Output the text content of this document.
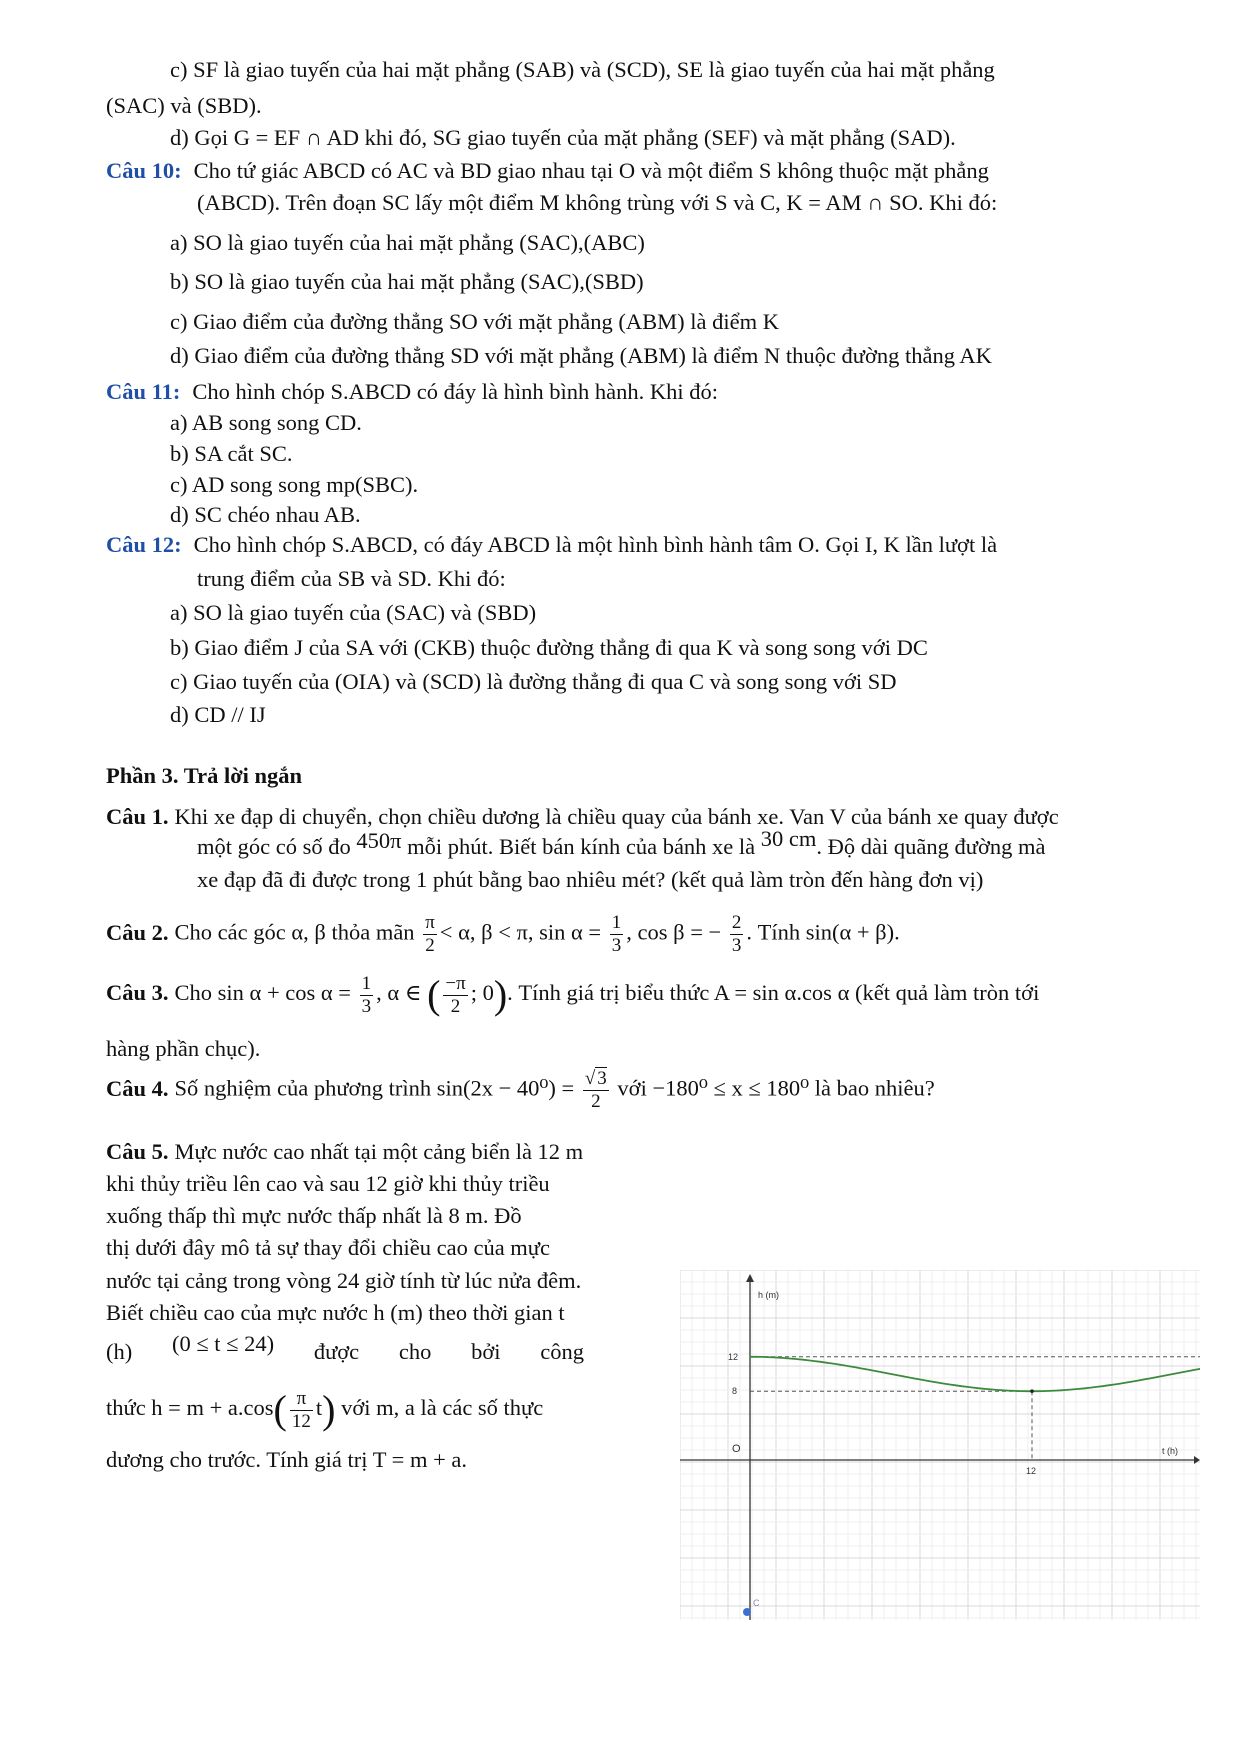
c) SF là giao tuyến của hai mặt phẳng (SAB) và (SCD), SE là giao tuyến của hai mặt phẳng
(SAC) và (SBD).
d) Gọi G = EF ∩ AD khi đó, SG giao tuyến của mặt phẳng (SEF) và mặt phẳng (SAD).
Câu 10: Cho tứ giác ABCD có AC và BD giao nhau tại O và một điểm S không thuộc mặt phẳng
(ABCD). Trên đoạn SC lấy một điểm M không trùng với S và C, K = AM ∩ SO. Khi đó:
a) SO là giao tuyến của hai mặt phẳng (SAC),(ABC)
b) SO là giao tuyến của hai mặt phẳng (SAC),(SBD)
c) Giao điểm của đường thẳng SO với mặt phẳng (ABM) là điểm K
d) Giao điểm của đường thẳng SD với mặt phẳng (ABM) là điểm N thuộc đường thẳng AK
Câu 11: Cho hình chóp S.ABCD có đáy là hình bình hành. Khi đó:
a) AB song song CD.
b) SA cắt SC.
c) AD song song mp(SBC).
d) SC chéo nhau AB.
Câu 12: Cho hình chóp S.ABCD, có đáy ABCD là một hình bình hành tâm O. Gọi I, K lần lượt là
trung điểm của SB và SD. Khi đó:
a) SO là giao tuyến của (SAC) và (SBD)
b) Giao điểm J của SA với (CKB) thuộc đường thẳng đi qua K và song song với DC
c) Giao tuyến của (OIA) và (SCD) là đường thẳng đi qua C và song song với SD
d) CD // IJ
Phần 3. Trả lời ngắn
Câu 1. Khi xe đạp di chuyển, chọn chiều dương là chiều quay của bánh xe. Van V của bánh xe quay được
một góc có số đo 450π mỗi phút. Biết bán kính của bánh xe là 30 cm. Độ dài quãng đường mà
xe đạp đã đi được trong 1 phút bằng bao nhiêu mét? (kết quả làm tròn đến hàng đơn vị)
Câu 2. Cho các góc α, β thỏa mãn $\frac{\pi}{2} < \alpha$, β < π, $\sin \alpha = \frac{1}{3}$ , cos β = − $\frac{2}{3}$ . Tính sin(α + β).
Câu 3. Cho $\sin \alpha + \cos \alpha = \frac{1}{3}$ , α ∈ ( $\frac{-\pi}{2}$ ; 0). Tính giá trị biểu thức A = sin α.cos α (kết quả làm tròn tới
hàng phần chục).
Câu 4. Số nghiệm của phương trình $\sin(2x - 40^0) = \frac{√ 3}{2}$ với −180⁰ ≤ x ≤ 180⁰ là bao nhiêu?
Câu 5. Mực nước cao nhất tại một cảng biển là 12 m
khi thủy triều lên cao và sau 12 giờ khi thủy triều
xuống thấp thì mực nước thấp nhất là 8 m. Đồ
thị dưới đây mô tả sự thay đổi chiều cao của mực
nước tại cảng trong vòng 24 giờ tính từ lúc nửa đêm.
Biết chiều cao của mực nước h (m) theo thời gian t
(h) (0 ≤ t ≤ 24) được cho bởi công
thức $h = m + a.\cos( \frac{\pi}{12} t)$ với m, a là các số thực
dương cho trước. Tính giá trị T = m + a.
h (m)
t (h)
O
12
8
12
C
